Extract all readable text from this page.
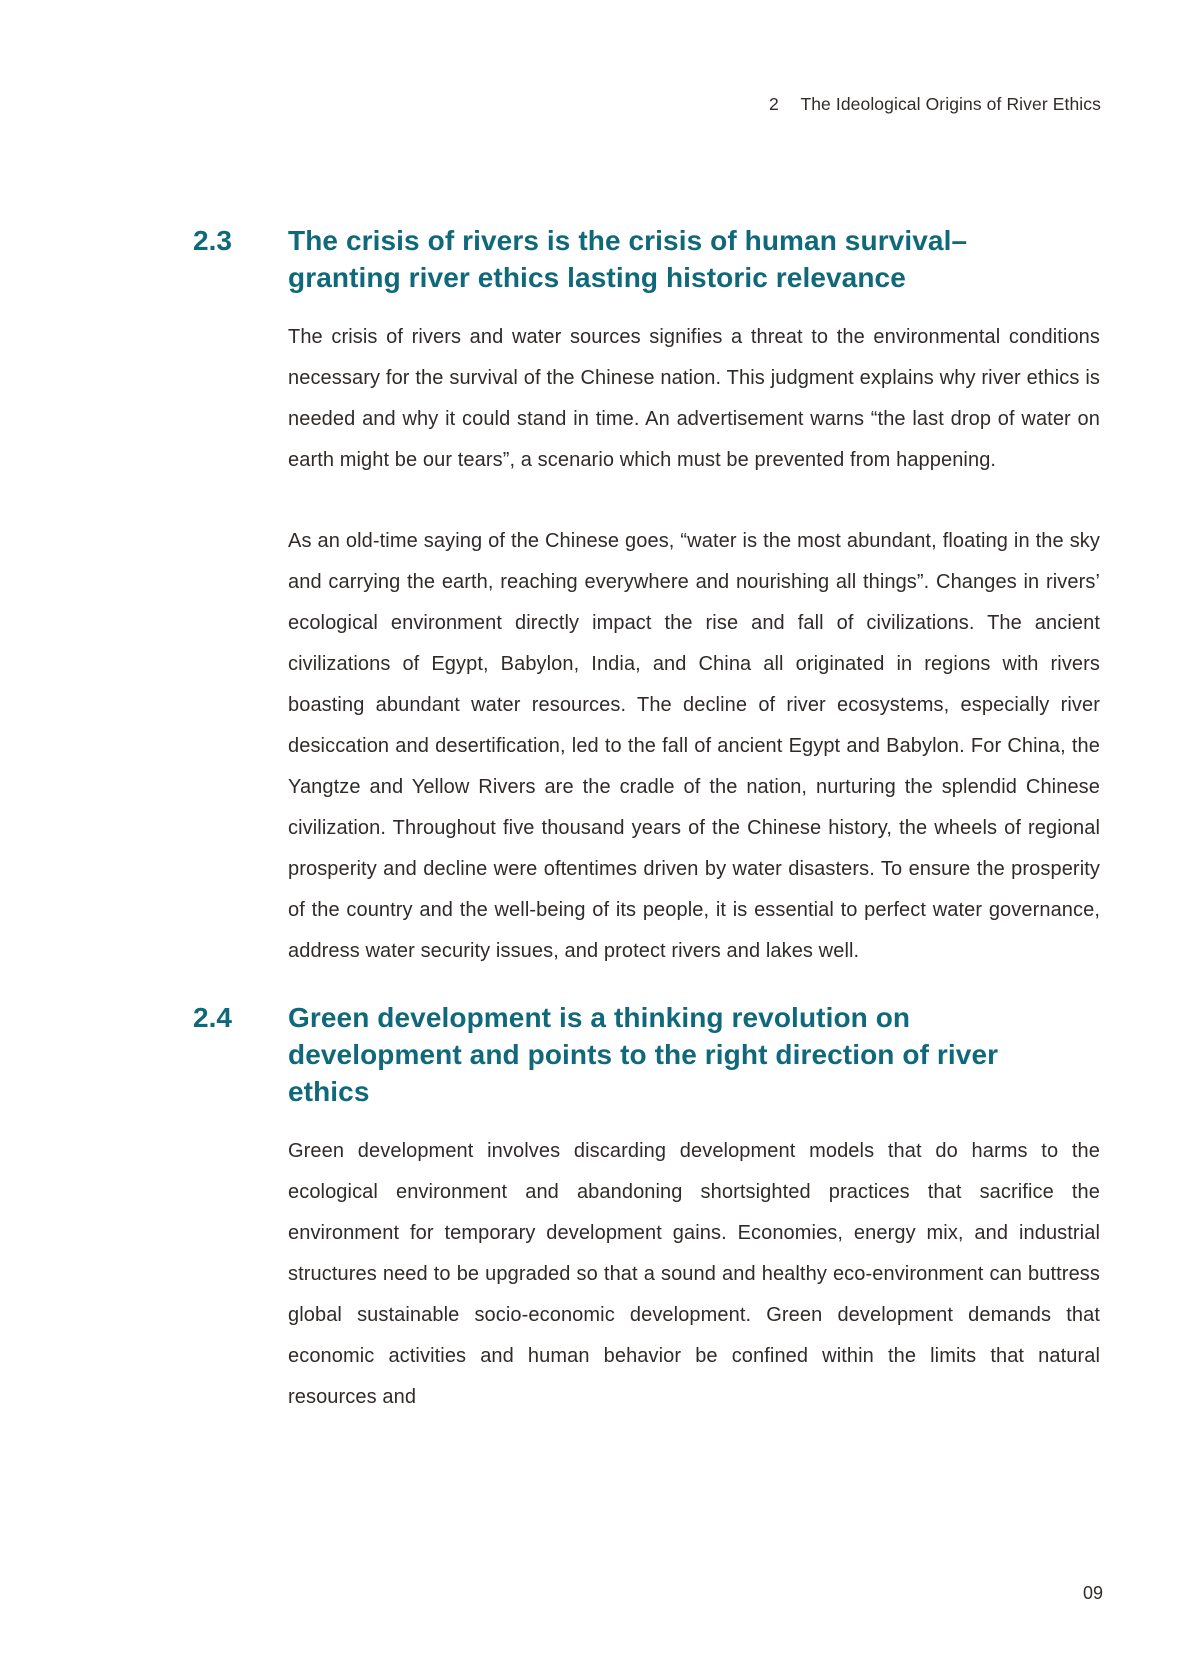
2 The Ideological Origins of River Ethics
2.3	The crisis of rivers is the crisis of human survival–
granting river ethics lasting historic relevance

The crisis of rivers and water sources signifies a threat to the environmental conditions necessary for the survival of the Chinese nation. This judgment explains why river ethics is needed and why it could stand in time. An advertisement warns “the last drop of water on earth might be our tears”, a scenario which must be prevented from happening.

As an old-time saying of the Chinese goes, “water is the most abundant, floating in the sky and carrying the earth, reaching everywhere and nourishing all things”. Changes in rivers’ ecological environment directly impact the rise and fall of civilizations. The ancient civilizations of Egypt, Babylon, India, and China all originated in regions with rivers boasting abundant water resources. The decline of river ecosystems, especially river desiccation and desertification, led to the fall of ancient Egypt and Babylon. For China, the Yangtze and Yellow Rivers are the cradle of the nation, nurturing the splendid Chinese civilization. Throughout five thousand years of the Chinese history, the wheels of regional prosperity and decline were oftentimes driven by water disasters. To ensure the prosperity of the country and the well-being of its people, it is essential to perfect water governance, address water security issues, and protect rivers and lakes well.

2.4	Green development is a thinking revolution on
development and points to the right direction of river
ethics

Green development involves discarding development models that do harms to the ecological environment and abandoning shortsighted practices that sacrifice the environment for temporary development gains. Economies, energy mix, and industrial structures need to be upgraded so that a sound and healthy eco-environment can buttress global sustainable socio-economic development. Green development demands that economic activities and human behavior be confined within the limits that natural resources and

09
